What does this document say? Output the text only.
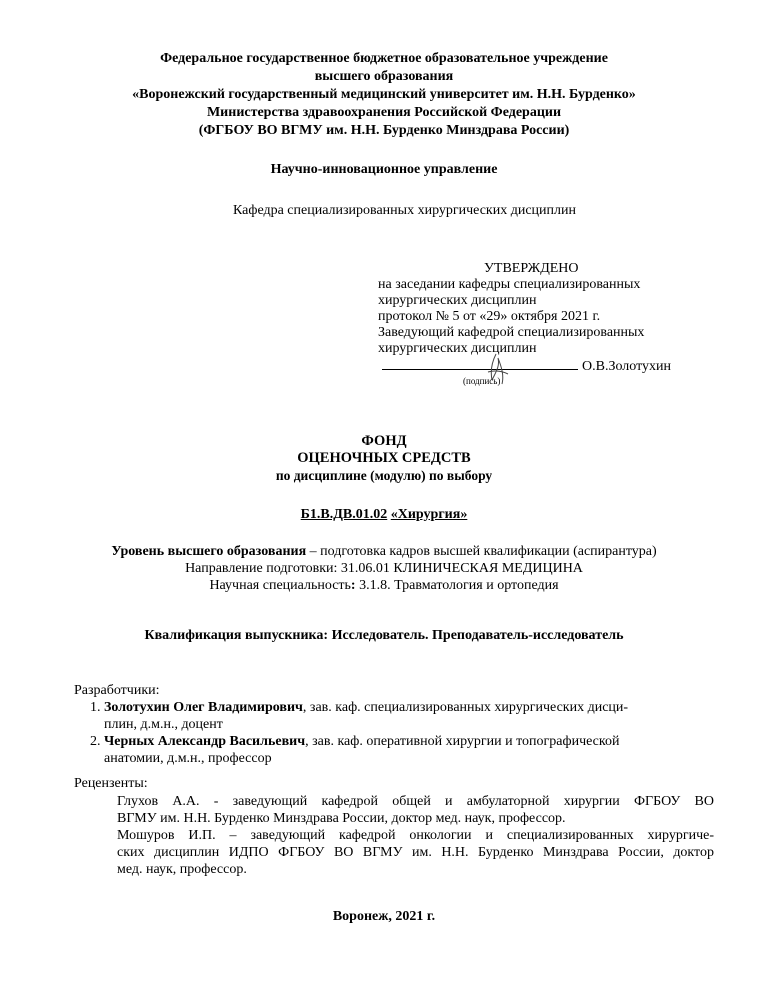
Федеральное государственное бюджетное образовательное учреждение
высшего образования
«Воронежский государственный медицинский университет им. Н.Н. Бурденко»
Министерства здравоохранения Российской Федерации
(ФГБОУ ВО ВГМУ им. Н.Н. Бурденко Минздрава России)
Научно-инновационное управление
Кафедра специализированных хирургических дисциплин
УТВЕРЖДЕНО
на заседании кафедры специализированных
хирургических дисциплин
протокол № 5 от «29» октября 2021 г.
Заведующий кафедрой специализированных
хирургических дисциплин
О.В.Золотухин
(подпись)
ФОНД
ОЦЕНОЧНЫХ СРЕДСТВ
по дисциплине (модулю) по выбору
Б1.В.ДВ.01.02 «Хирургия»
Уровень высшего образования – подготовка кадров высшей квалификации (аспирантура)
Направление подготовки: 31.06.01 КЛИНИЧЕСКАЯ МЕДИЦИНА
Научная специальность: 3.1.8. Травматология и ортопедия
Квалификация выпускника: Исследователь. Преподаватель-исследователь
Разработчики:
1. Золотухин Олег Владимирович, зав. каф. специализированных хирургических дисци-
плин, д.м.н., доцент
2. Черных Александр Васильевич, зав. каф. оперативной хирургии и топографической
анатомии, д.м.н., профессор
Рецензенты:
Глухов А.А. - заведующий кафедрой общей и амбулаторной хирургии ФГБОУ ВО
ВГМУ им. Н.Н. Бурденко Минздрава России, доктор мед. наук, профессор.
Мошуров И.П. – заведующий кафедрой онкологии и специализированных хирургиче-
ских дисциплин ИДПО ФГБОУ ВО ВГМУ им. Н.Н. Бурденко Минздрава России, доктор
мед. наук, профессор.
Воронеж, 2021 г.
